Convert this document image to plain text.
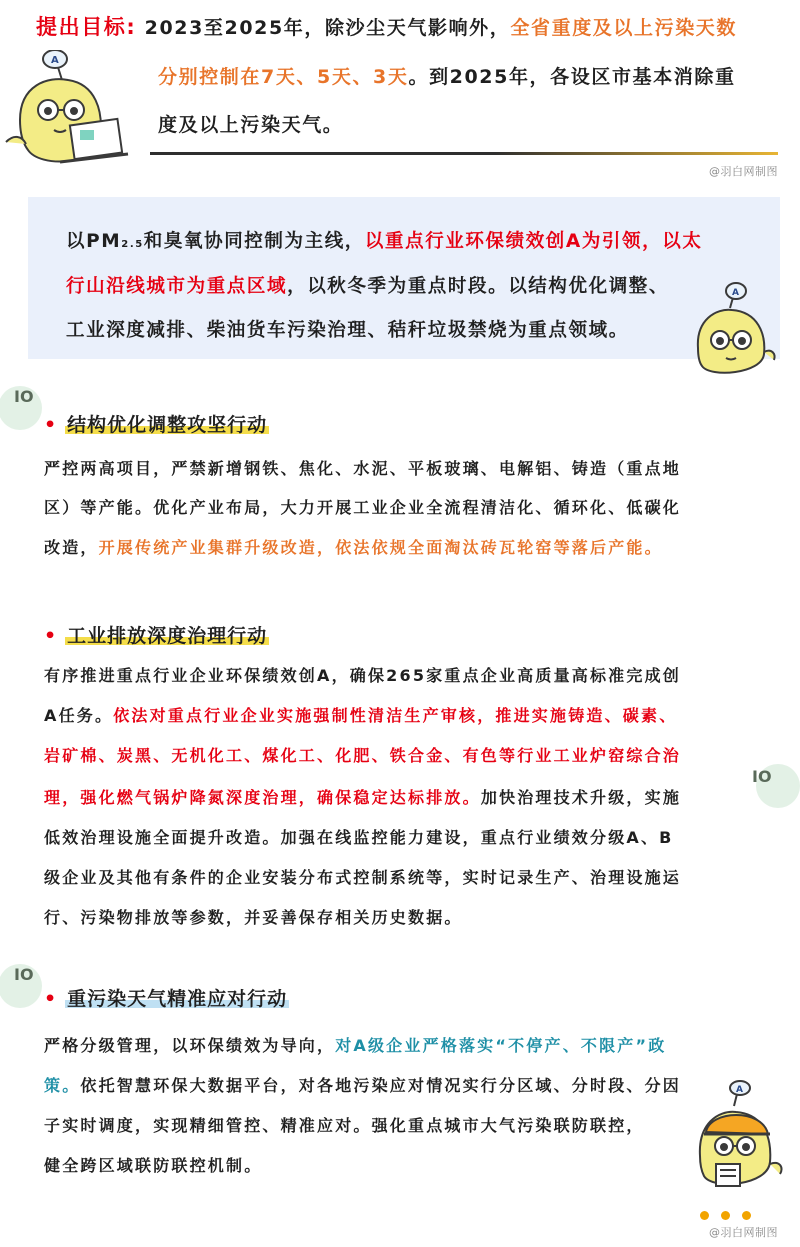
A
提出目标: 2023至2025年，除沙尘天气影响外，全省重度及以上污染天数
分别控制在7天、5天、3天。到2025年，各设区市基本消除重
度及以上污染天气。
@羽白网制图
以PM2.5和臭氧协同控制为主线，以重点行业环保绩效创A为引领，以太
行山沿线城市为重点区域，以秋冬季为重点时段。以结构优化调整、
工业深度减排、柴油货车污染治理、秸秆垃圾禁烧为重点领域。
A
IO
IO
IO
• 结构优化调整攻坚行动
严控两高项目，严禁新增钢铁、焦化、水泥、平板玻璃、电解铝、铸造（重点地
区）等产能。优化产业布局，大力开展工业企业全流程清洁化、循环化、低碳化
改造，开展传统产业集群升级改造，依法依规全面淘汰砖瓦轮窑等落后产能。
• 工业排放深度治理行动
有序推进重点行业企业环保绩效创A，确保265家重点企业高质量高标准完成创
A任务。依法对重点行业企业实施强制性清洁生产审核，推进实施铸造、碳素、
岩矿棉、炭黑、无机化工、煤化工、化肥、铁合金、有色等行业工业炉窑综合治
理，强化燃气锅炉降氮深度治理，确保稳定达标排放。加快治理技术升级，实施
低效治理设施全面提升改造。加强在线监控能力建设，重点行业绩效分级A、B
级企业及其他有条件的企业安装分布式控制系统等，实时记录生产、治理设施运
行、污染物排放等参数，并妥善保存相关历史数据。
• 重污染天气精准应对行动
严格分级管理，以环保绩效为导向，对A级企业严格落实“不停产、不限产”政
策。依托智慧环保大数据平台，对各地污染应对情况实行分区域、分时段、分因
子实时调度，实现精细管控、精准应对。强化重点城市大气污染联防联控，
健全跨区域联防联控机制。
A
@羽白网制图
